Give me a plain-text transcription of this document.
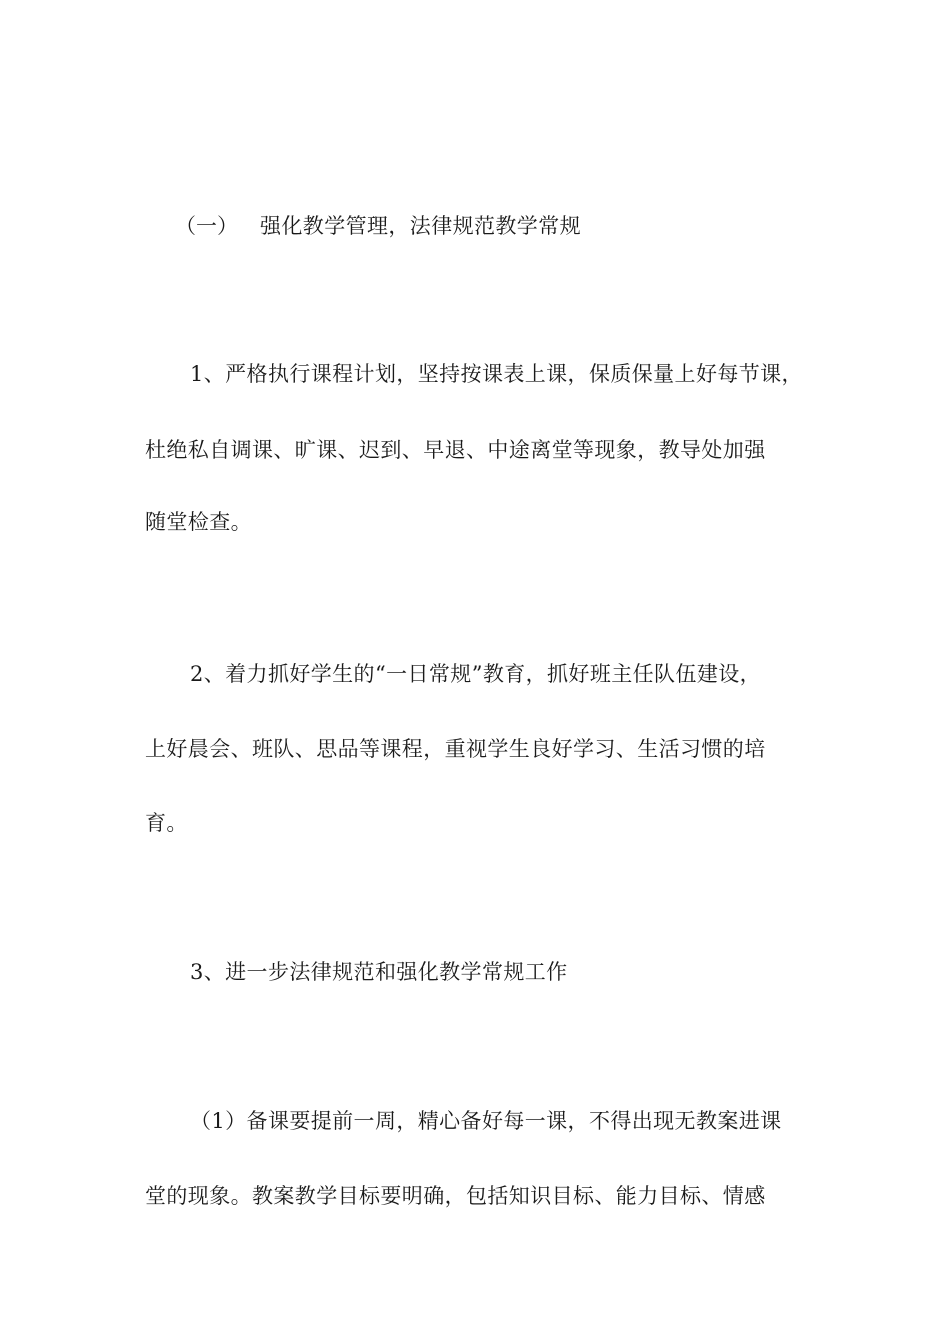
（一） 强化教学管理，法律规范教学常规
1、严格执行课程计划，坚持按课表上课，保质保量上好每节课，
杜绝私自调课、旷课、迟到、早退、中途离堂等现象，教导处加强
随堂检查。
2、着力抓好学生的“一日常规”教育，抓好班主任队伍建设，
上好晨会、班队、思品等课程，重视学生良好学习、生活习惯的培
育。
3、进一步法律规范和强化教学常规工作
（1）备课要提前一周，精心备好每一课，不得出现无教案进课
堂的现象。教案教学目标要明确，包括知识目标、能力目标、情感
